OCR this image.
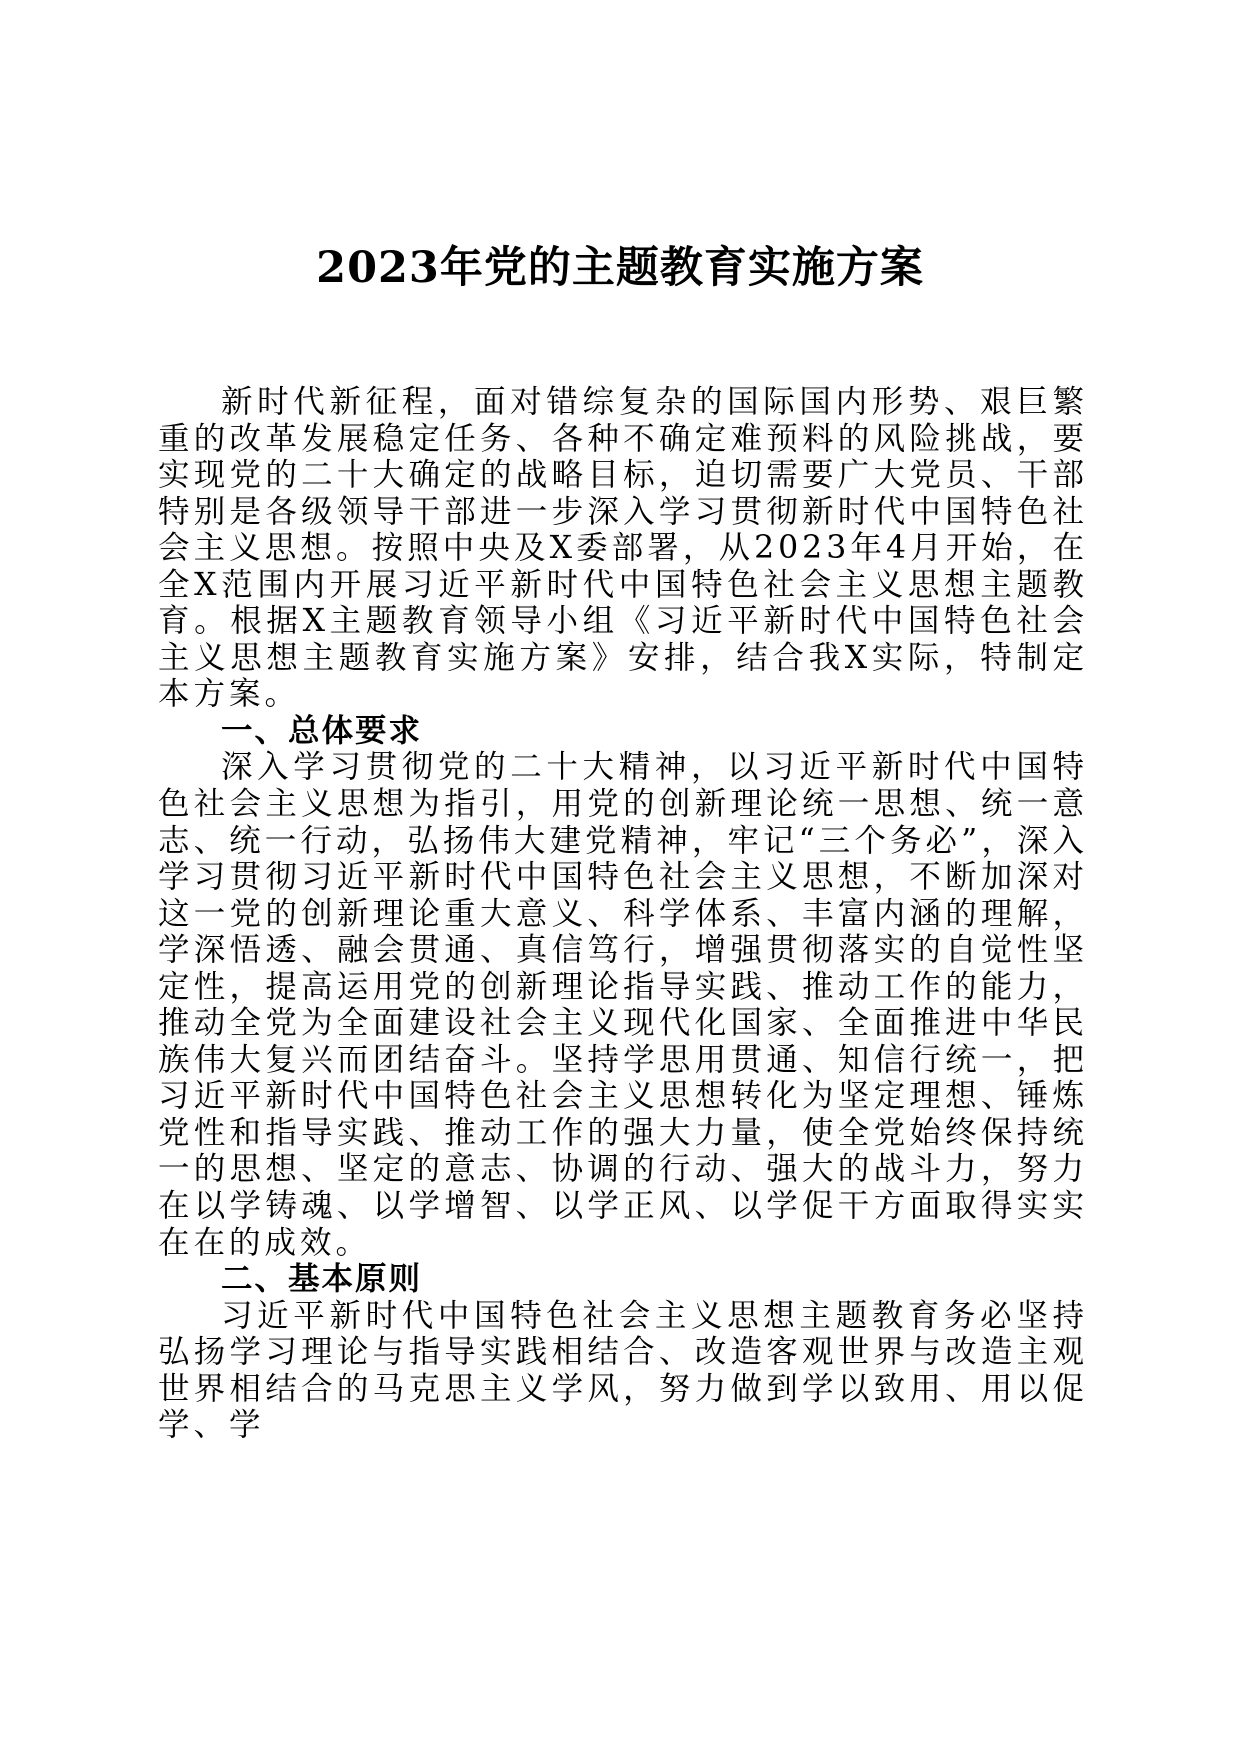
2023年党的主题教育实施方案

新时代新征程，面对错综复杂的国际国内形势、艰巨繁重的改革发展稳定任务、各种不确定难预料的风险挑战，要实现党的二十大确定的战略目标，迫切需要广大党员、干部特别是各级领导干部进一步深入学习贯彻新时代中国特色社会主义思想。按照中央及X委部署，从2023年4月开始，在全X范围内开展习近平新时代中国特色社会主义思想主题教育。根据X主题教育领导小组《习近平新时代中国特色社会主义思想主题教育实施方案》安排，结合我X实际，特制定本方案。

一、总体要求

深入学习贯彻党的二十大精神，以习近平新时代中国特色社会主义思想为指引，用党的创新理论统一思想、统一意志、统一行动，弘扬伟大建党精神，牢记“三个务必”，深入学习贯彻习近平新时代中国特色社会主义思想，不断加深对这一党的创新理论重大意义、科学体系、丰富内涵的理解，学深悟透、融会贯通、真信笃行，增强贯彻落实的自觉性坚定性，提高运用党的创新理论指导实践、推动工作的能力，推动全党为全面建设社会主义现代化国家、全面推进中华民族伟大复兴而团结奋斗。坚持学思用贯通、知信行统一，把习近平新时代中国特色社会主义思想转化为坚定理想、锤炼党性和指导实践、推动工作的强大力量，使全党始终保持统一的思想、坚定的意志、协调的行动、强大的战斗力，努力在以学铸魂、以学增智、以学正风、以学促干方面取得实实在在的成效。

二、基本原则

习近平新时代中国特色社会主义思想主题教育务必坚持弘扬学习理论与指导实践相结合、改造客观世界与改造主观世界相结合的马克思主义学风，努力做到学以致用、用以促学、学
